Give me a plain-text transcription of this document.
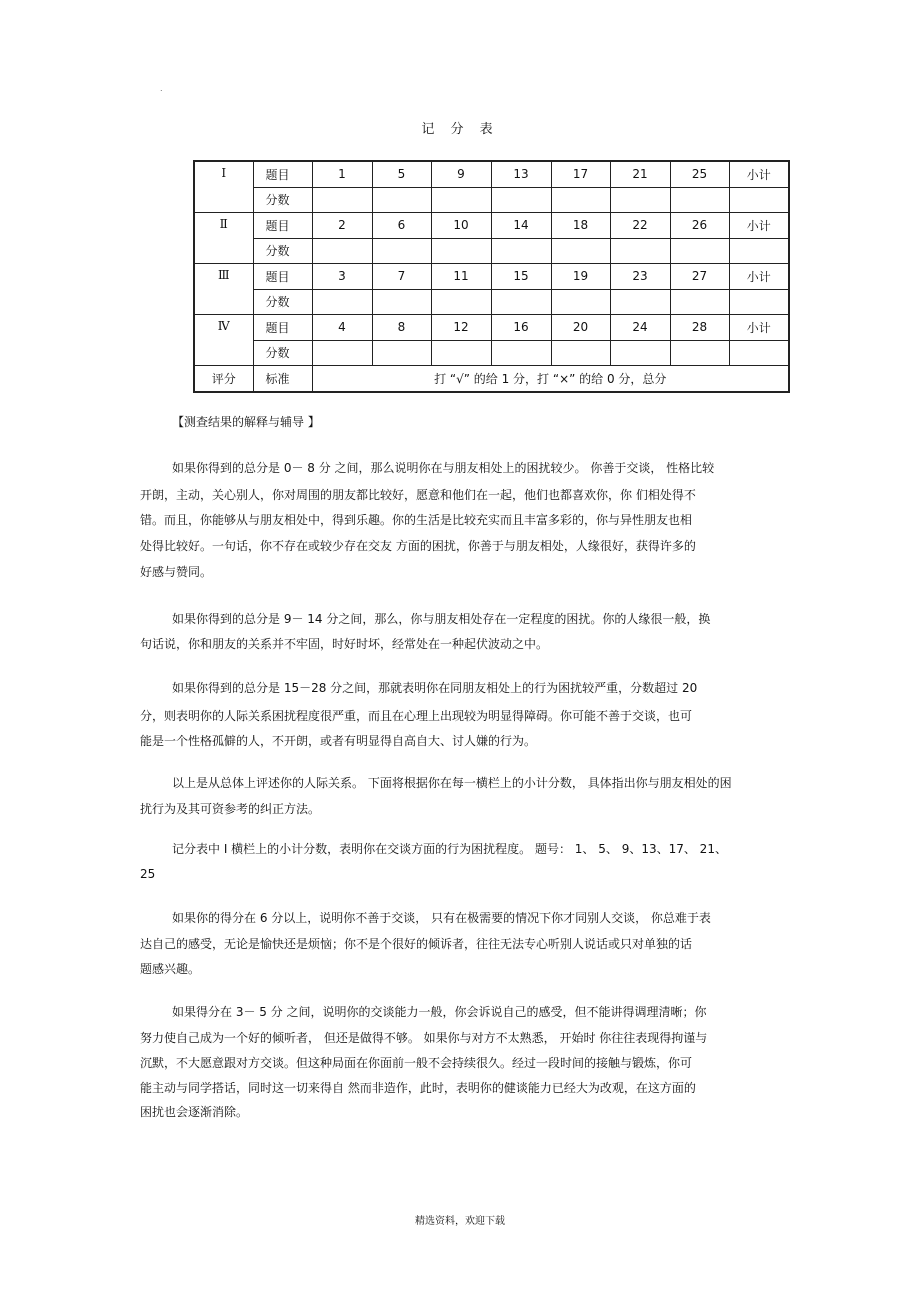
.
记 分 表
Ⅰ	题目	1	5	9	13	17	21	25	小计
	分数								
Ⅱ	题目	2	6	10	14	18	22	26	小计
	分数								
Ⅲ	题目	3	7	11	15	19	23	27	小计
	分数								
Ⅳ	题目	4	8	12	16	20	24	28	小计
	分数								
评分	标准	打 “√” 的给 1 分，打 “×” 的给 0 分，总分							
【测查结果的解释与辅导 】
如果你得到的总分是 0－ 8 分 之间，那么说明你在与朋友相处上的困扰较少。 你善于交谈， 性格比较
开朗，主动，关心别人，你对周围的朋友都比较好，愿意和他们在一起，他们也都喜欢你，你 们相处得不
错。而且，你能够从与朋友相处中，得到乐趣。你的生活是比较充实而且丰富多彩的，你与异性朋友也相
处得比较好。一句话，你不存在或较少存在交友 方面的困扰，你善于与朋友相处，人缘很好，获得许多的
好感与赞同。
如果你得到的总分是 9－ 14 分之间，那么，你与朋友相处存在一定程度的困扰。你的人缘很一般，换
句话说，你和朋友的关系并不牢固，时好时坏，经常处在一种起伏波动之中。
如果你得到的总分是 15－28 分之间，那就表明你在同朋友相处上的行为困扰较严重，分数超过 20
分，则表明你的人际关系困扰程度很严重，而且在心理上出现较为明显得障碍。你可能不善于交谈，也可
能是一个性格孤僻的人，不开朗，或者有明显得自高自大、讨人嫌的行为。
以上是从总体上评述你的人际关系。 下面将根据你在每一横栏上的小计分数， 具体指出你与朋友相处的困
扰行为及其可资参考的纠正方法。
记分表中 Ⅰ 横栏上的小计分数，表明你在交谈方面的行为困扰程度。 题号： 1、 5、 9、13、17、 21、
25
如果你的得分在 6 分以上，说明你不善于交谈， 只有在极需要的情况下你才同别人交谈， 你总难于表
达自己的感受，无论是愉快还是烦恼；你不是个很好的倾诉者，往往无法专心听别人说话或只对单独的话
题感兴趣。
如果得分在 3－ 5 分 之间，说明你的交谈能力一般，你会诉说自己的感受，但不能讲得调理清晰；你
努力使自己成为一个好的倾听者， 但还是做得不够。 如果你与对方不太熟悉， 开始时 你往往表现得拘谨与
沉默，不大愿意跟对方交谈。但这种局面在你面前一般不会持续很久。经过一段时间的接触与锻炼，你可
能主动与同学搭话，同时这一切来得自 然而非造作，此时，表明你的健谈能力已经大为改观，在这方面的
困扰也会逐渐消除。
精选资料，欢迎下载
